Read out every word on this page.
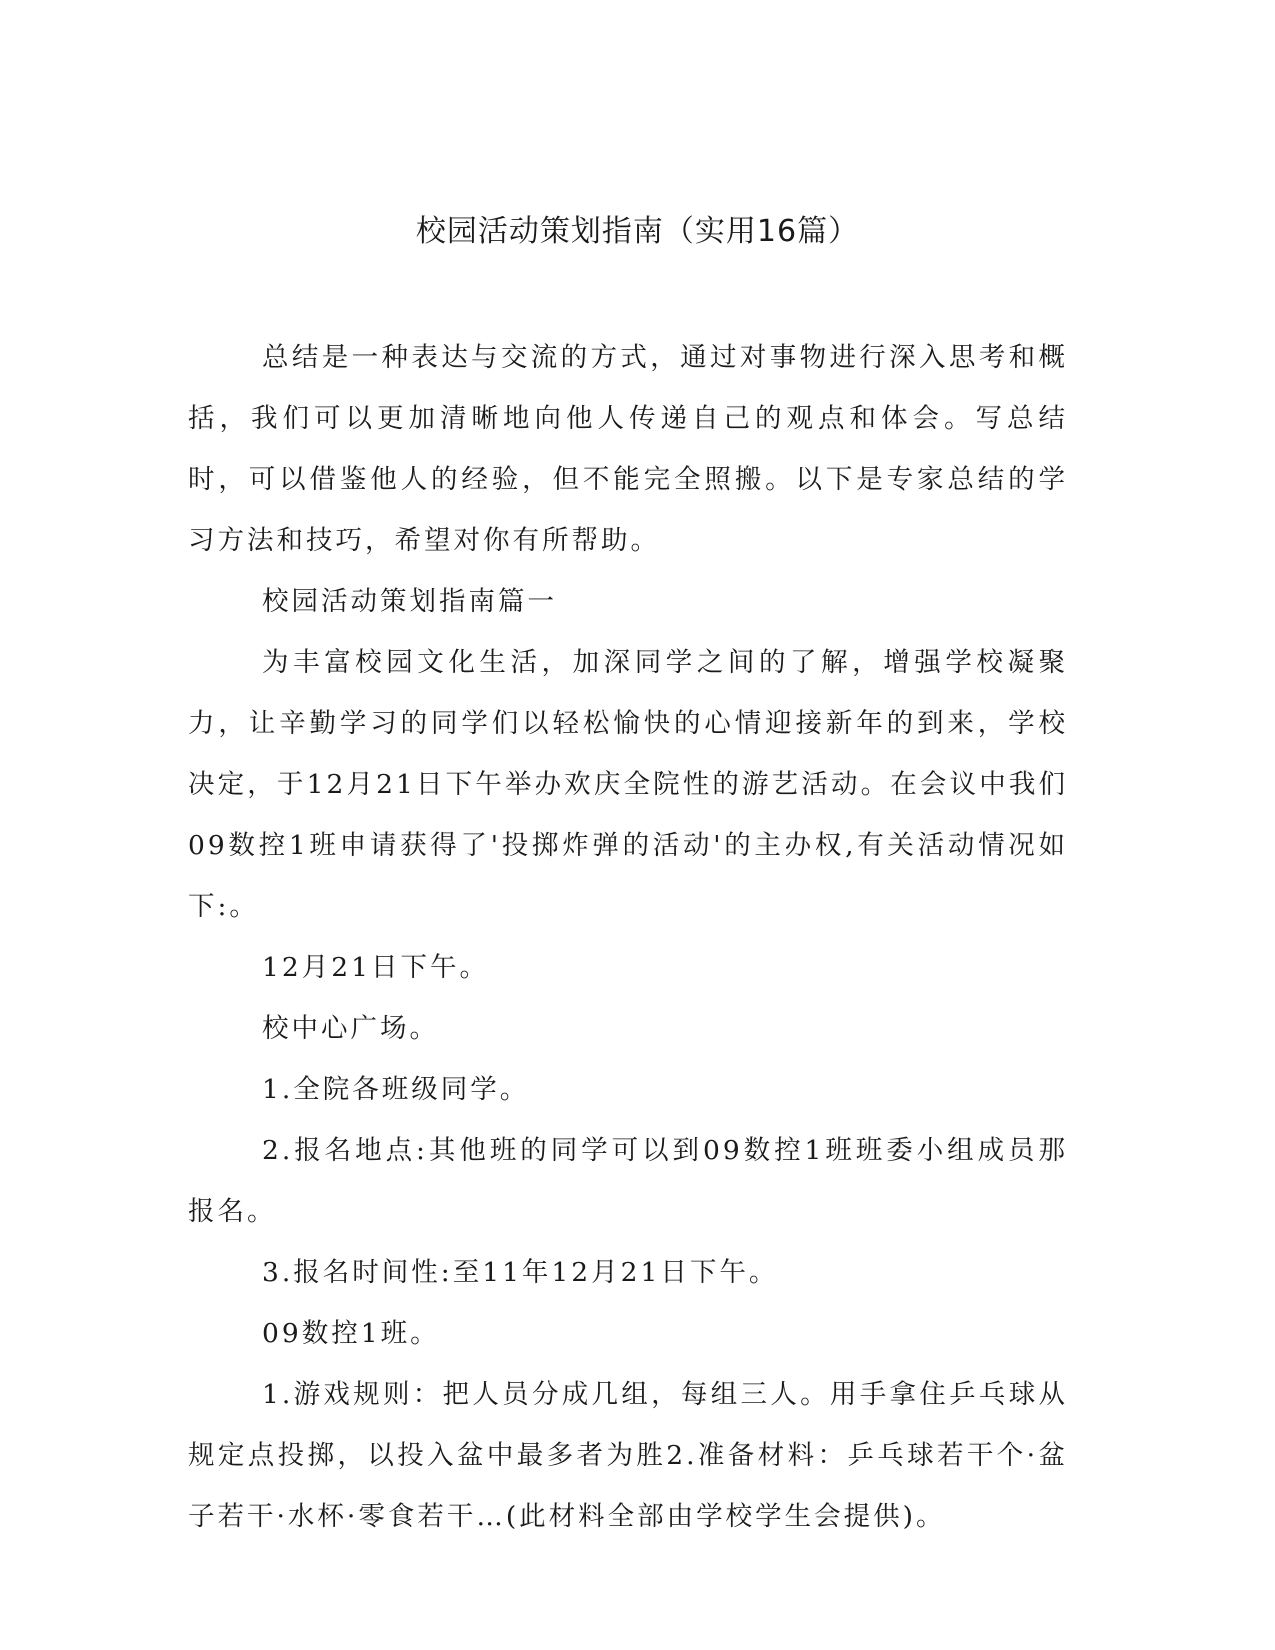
校园活动策划指南（实用16篇）

总结是一种表达与交流的方式，通过对事物进行深入思考和概括，我们可以更加清晰地向他人传递自己的观点和体会。写总结时，可以借鉴他人的经验，但不能完全照搬。以下是专家总结的学习方法和技巧，希望对你有所帮助。

校园活动策划指南篇一

为丰富校园文化生活，加深同学之间的了解，增强学校凝聚力，让辛勤学习的同学们以轻松愉快的心情迎接新年的到来，学校决定，于12月21日下午举办欢庆全院性的游艺活动。在会议中我们09数控1班申请获得了'投掷炸弹的活动'的主办权,有关活动情况如下:。

12月21日下午。

校中心广场。

1.全院各班级同学。

2.报名地点:其他班的同学可以到09数控1班班委小组成员那报名。

3.报名时间性:至11年12月21日下午。

09数控1班。

1.游戏规则：把人员分成几组，每组三人。用手拿住乒乓球从规定点投掷，以投入盆中最多者为胜2.准备材料：乒乓球若干个·盆子若干·水杯·零食若干…(此材料全部由学校学生会提供)。
